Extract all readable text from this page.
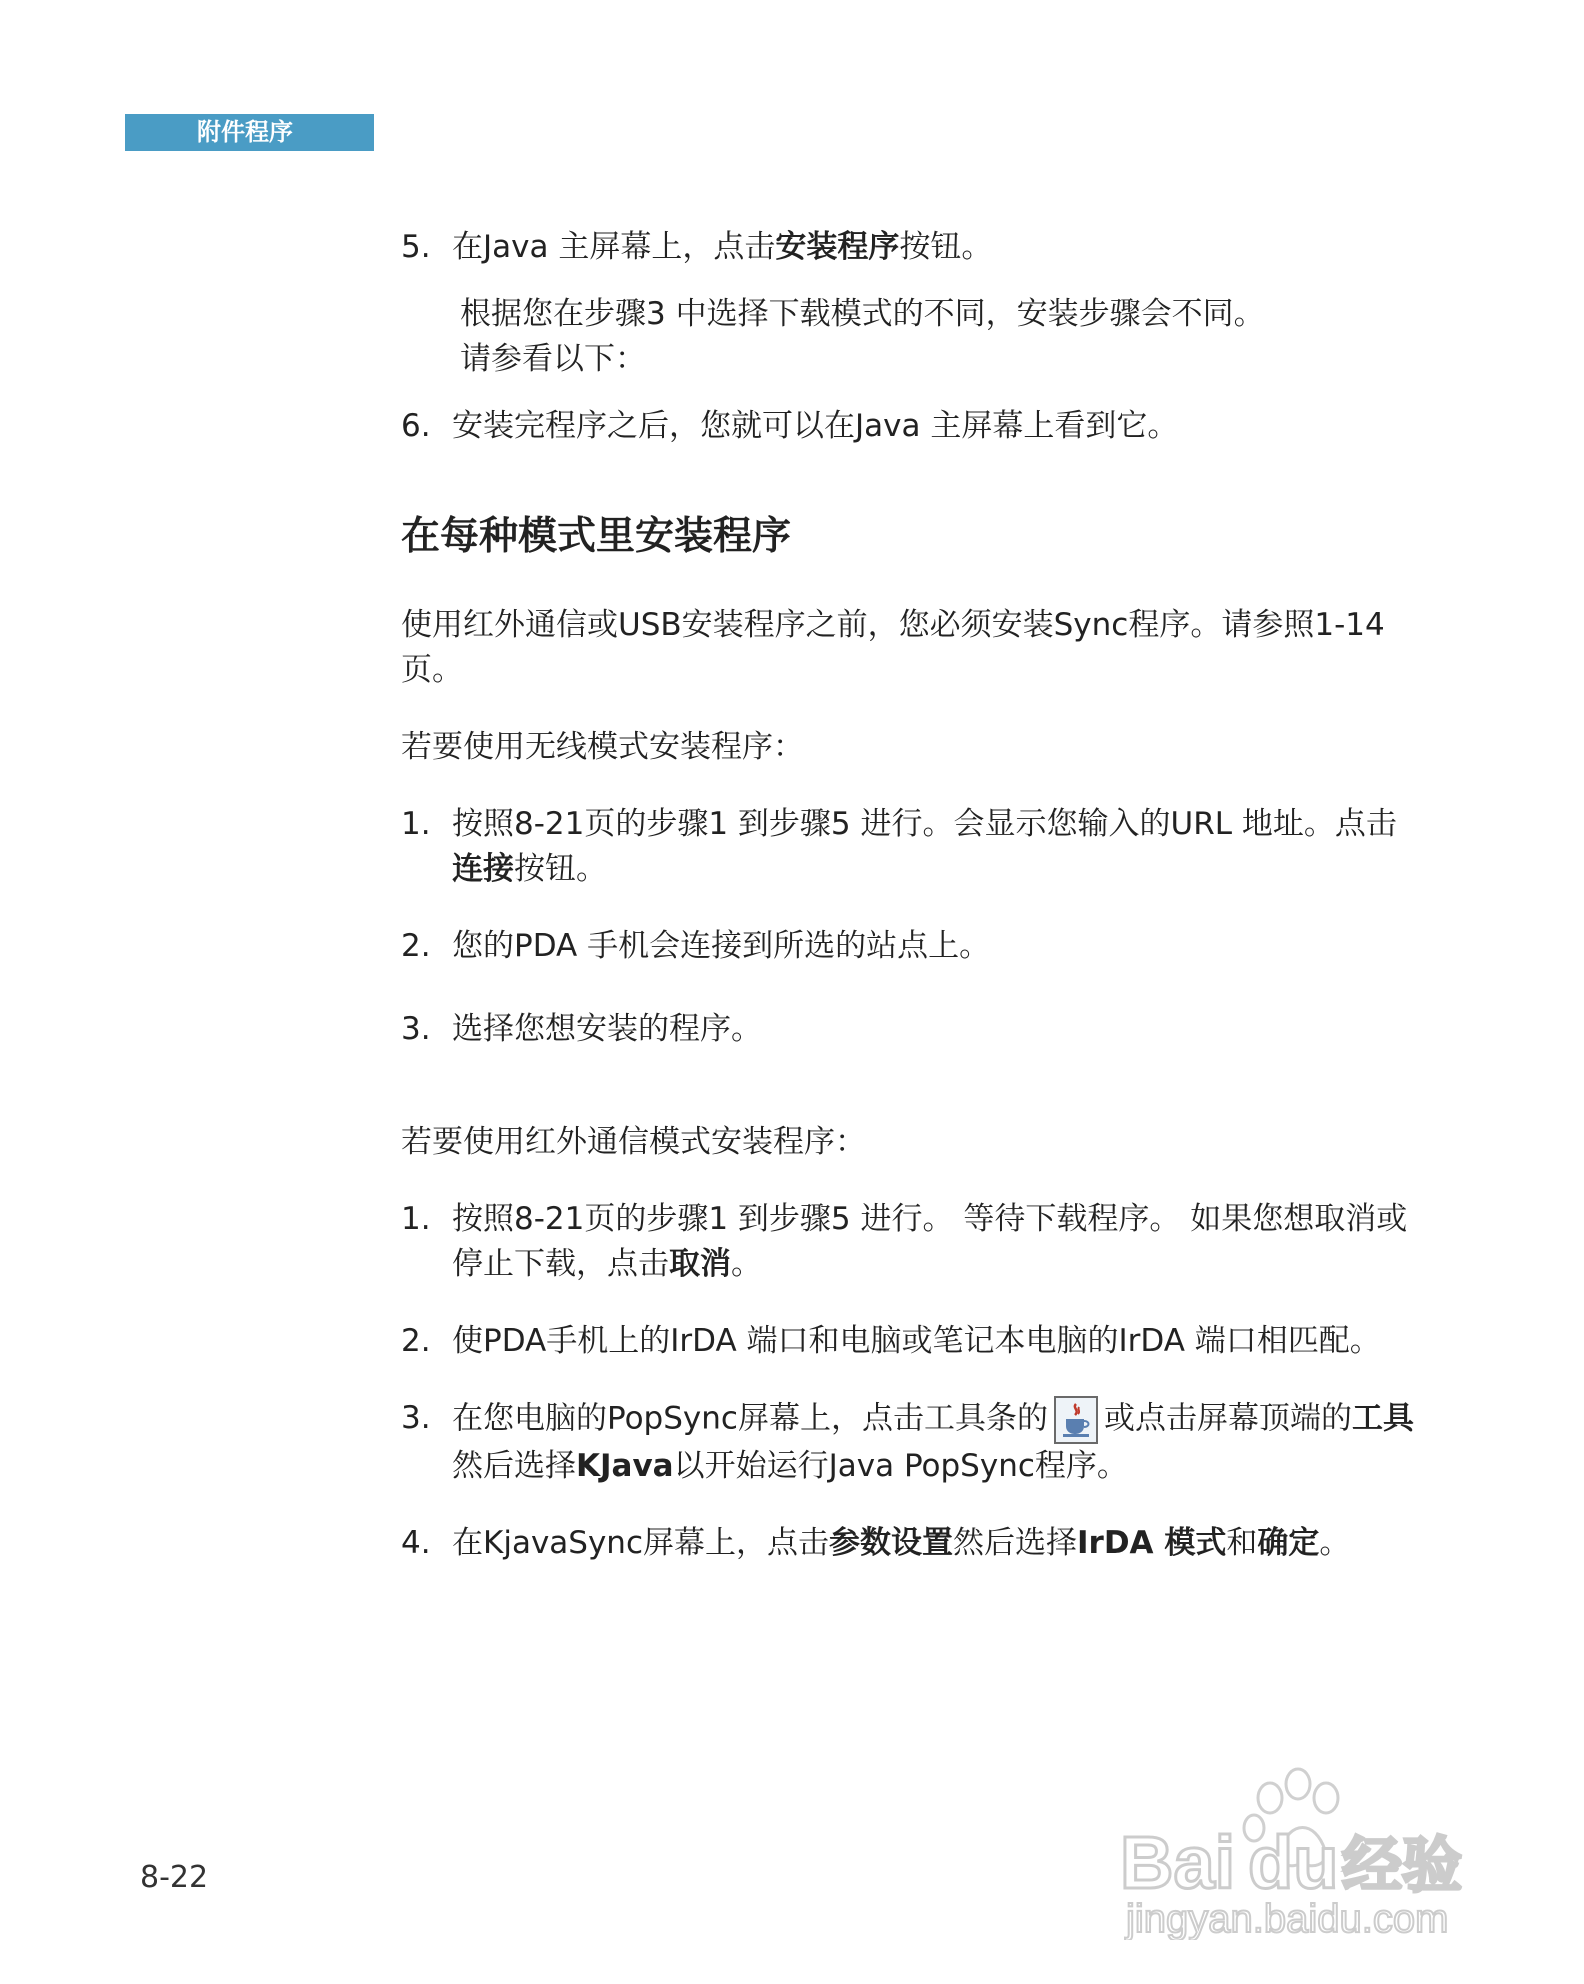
附件程序
5. 在Java 主屏幕上，点击安装程序按钮。
根据您在步骤3 中选择下载模式的不同，安装步骤会不同。
请参看以下：
6. 安装完程序之后，您就可以在Java 主屏幕上看到它。
在每种模式里安装程序

使用红外通信或USB安装程序之前，您必须安装Sync程序。请参照1-14页。

若要使用无线模式安装程序：

1. 按照8-21页的步骤1 到步骤5 进行。会显示您输入的URL 地址。点击连接按钮。
2. 您的PDA 手机会连接到所选的站点上。
3. 选择您想安装的程序。

若要使用红外通信模式安装程序：

1. 按照8-21页的步骤1 到步骤5 进行。 等待下载程序。 如果您想取消或停止下载，点击取消。
2. 使PDA手机上的IrDA 端口和电脑或笔记本电脑的IrDA 端口相匹配。
3. 在您电脑的PopSync屏幕上，点击工具条的 或点击屏幕顶端的工具然后选择KJava以开始运行Java PopSync程序。
4. 在KjavaSync屏幕上，点击参数设置然后选择IrDA 模式和确定。
8-22	Bai du 经验
jingyan.baidu.com
